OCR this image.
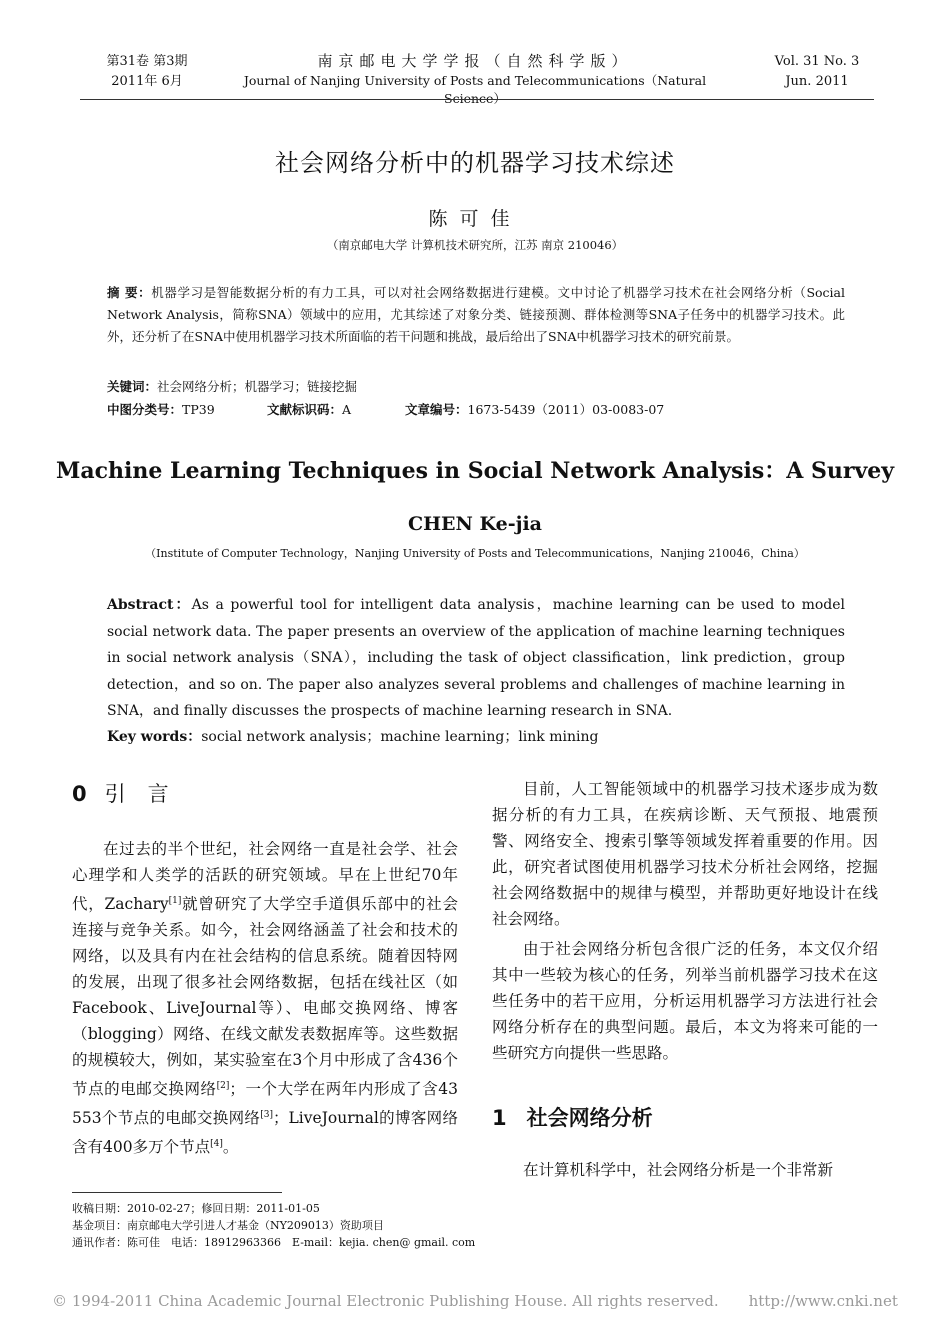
第31卷 第3期
2011年 6月
南京邮电大学学报（自然科学版）
Journal of Nanjing University of Posts and Telecommunications（Natural Science）
Vol. 31 No. 3
Jun. 2011
社会网络分析中的机器学习技术综述
陈可佳
（南京邮电大学 计算机技术研究所，江苏 南京 210046）
摘 要：机器学习是智能数据分析的有力工具，可以对社会网络数据进行建模。文中讨论了机器学习技术在社会网络分析（Social Network Analysis，简称SNA）领域中的应用，尤其综述了对象分类、链接预测、群体检测等SNA子任务中的机器学习技术。此外，还分析了在SNA中使用机器学习技术所面临的若干问题和挑战，最后给出了SNA中机器学习技术的研究前景。
关键词：社会网络分析；机器学习；链接挖掘
中图分类号：TP39	文献标识码：A	文章编号：1673-5439（2011）03-0083-07
Machine Learning Techniques in Social Network Analysis：A Survey
CHEN Ke-jia
（Institute of Computer Technology，Nanjing University of Posts and Telecommunications，Nanjing 210046，China）
Abstract：As a powerful tool for intelligent data analysis，machine learning can be used to model social network data. The paper presents an overview of the application of machine learning techniques in social network analysis（SNA），including the task of object classification，link prediction，group detection，and so on. The paper also analyzes several problems and challenges of machine learning in SNA，and finally discusses the prospects of machine learning research in SNA.
Key words：social network analysis；machine learning；link mining
0 引言

在过去的半个世纪，社会网络一直是社会学、社会心理学和人类学的活跃的研究领域。早在上世纪70年代，Zachary[1]就曾研究了大学空手道俱乐部中的社会连接与竞争关系。如今，社会网络涵盖了社会和技术的网络，以及具有内在社会结构的信息系统。随着因特网的发展，出现了很多社会网络数据，包括在线社区（如Facebook、LiveJournal等）、电邮交换网络、博客（blogging）网络、在线文献发表数据库等。这些数据的规模较大，例如，某实验室在3个月中形成了含436个节点的电邮交换网络[2]；一个大学在两年内形成了含43 553个节点的电邮交换网络[3]；LiveJournal的博客网络含有400多万个节点[4]。

目前，人工智能领域中的机器学习技术逐步成为数据分析的有力工具，在疾病诊断、天气预报、地震预警、网络安全、搜索引擎等领域发挥着重要的作用。因此，研究者试图使用机器学习技术分析社会网络，挖掘社会网络数据中的规律与模型，并帮助更好地设计在线社会网络。

由于社会网络分析包含很广泛的任务，本文仅介绍其中一些较为核心的任务，列举当前机器学习技术在这些任务中的若干应用，分析运用机器学习方法进行社会网络分析存在的典型问题。最后，本文为将来可能的一些研究方向提供一些思路。

1 社会网络分析

在计算机科学中，社会网络分析是一个非常新

收稿日期：2010-02-27；修回日期：2011-01-05
基金项目：南京邮电大学引进人才基金（NY209013）资助项目
通讯作者：陈可佳　电话：18912963366　E-mail：kejia. chen@ gmail. com
© 1994-2011 China Academic Journal Electronic Publishing House. All rights reserved.　　http://www.cnki.net
